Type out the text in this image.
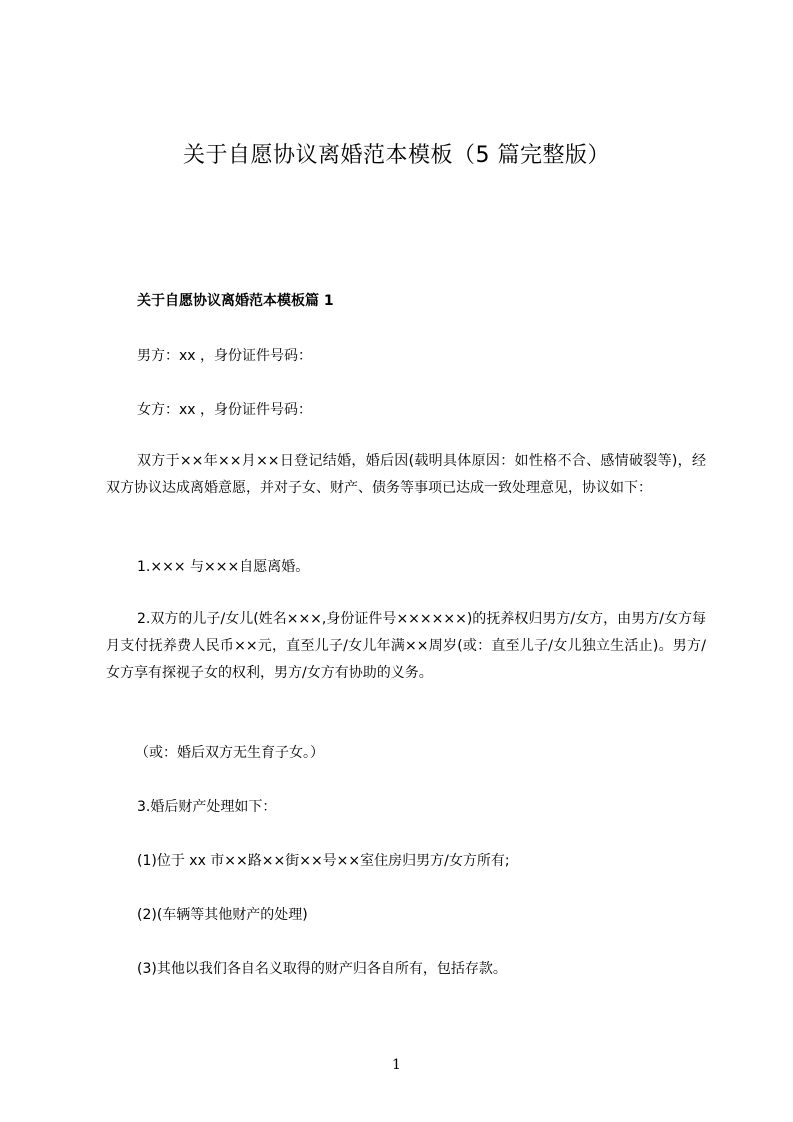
关于自愿协议离婚范本模板（5 篇完整版）
关于自愿协议离婚范本模板篇 1
男方：xx ，身份证件号码：
女方：xx ，身份证件号码：
双方于××年××月××日登记结婚，婚后因(载明具体原因：如性格不合、感情破裂等)，经双方协议达成离婚意愿，并对子女、财产、债务等事项已达成一致处理意见，协议如下：
1.××× 与×××自愿离婚。
2.双方的儿子/女儿(姓名×××,身份证件号××××××)的抚养权归男方/女方，由男方/女方每月支付抚养费人民币××元，直至儿子/女儿年满××周岁(或：直至儿子/女儿独立生活止)。男方/女方享有探视子女的权利，男方/女方有协助的义务。
（或：婚后双方无生育子女。）
3.婚后财产处理如下：
(1)位于 xx 市××路××街××号××室住房归男方/女方所有;
(2)(车辆等其他财产的处理)
(3)其他以我们各自名义取得的财产归各自所有，包括存款。
1
